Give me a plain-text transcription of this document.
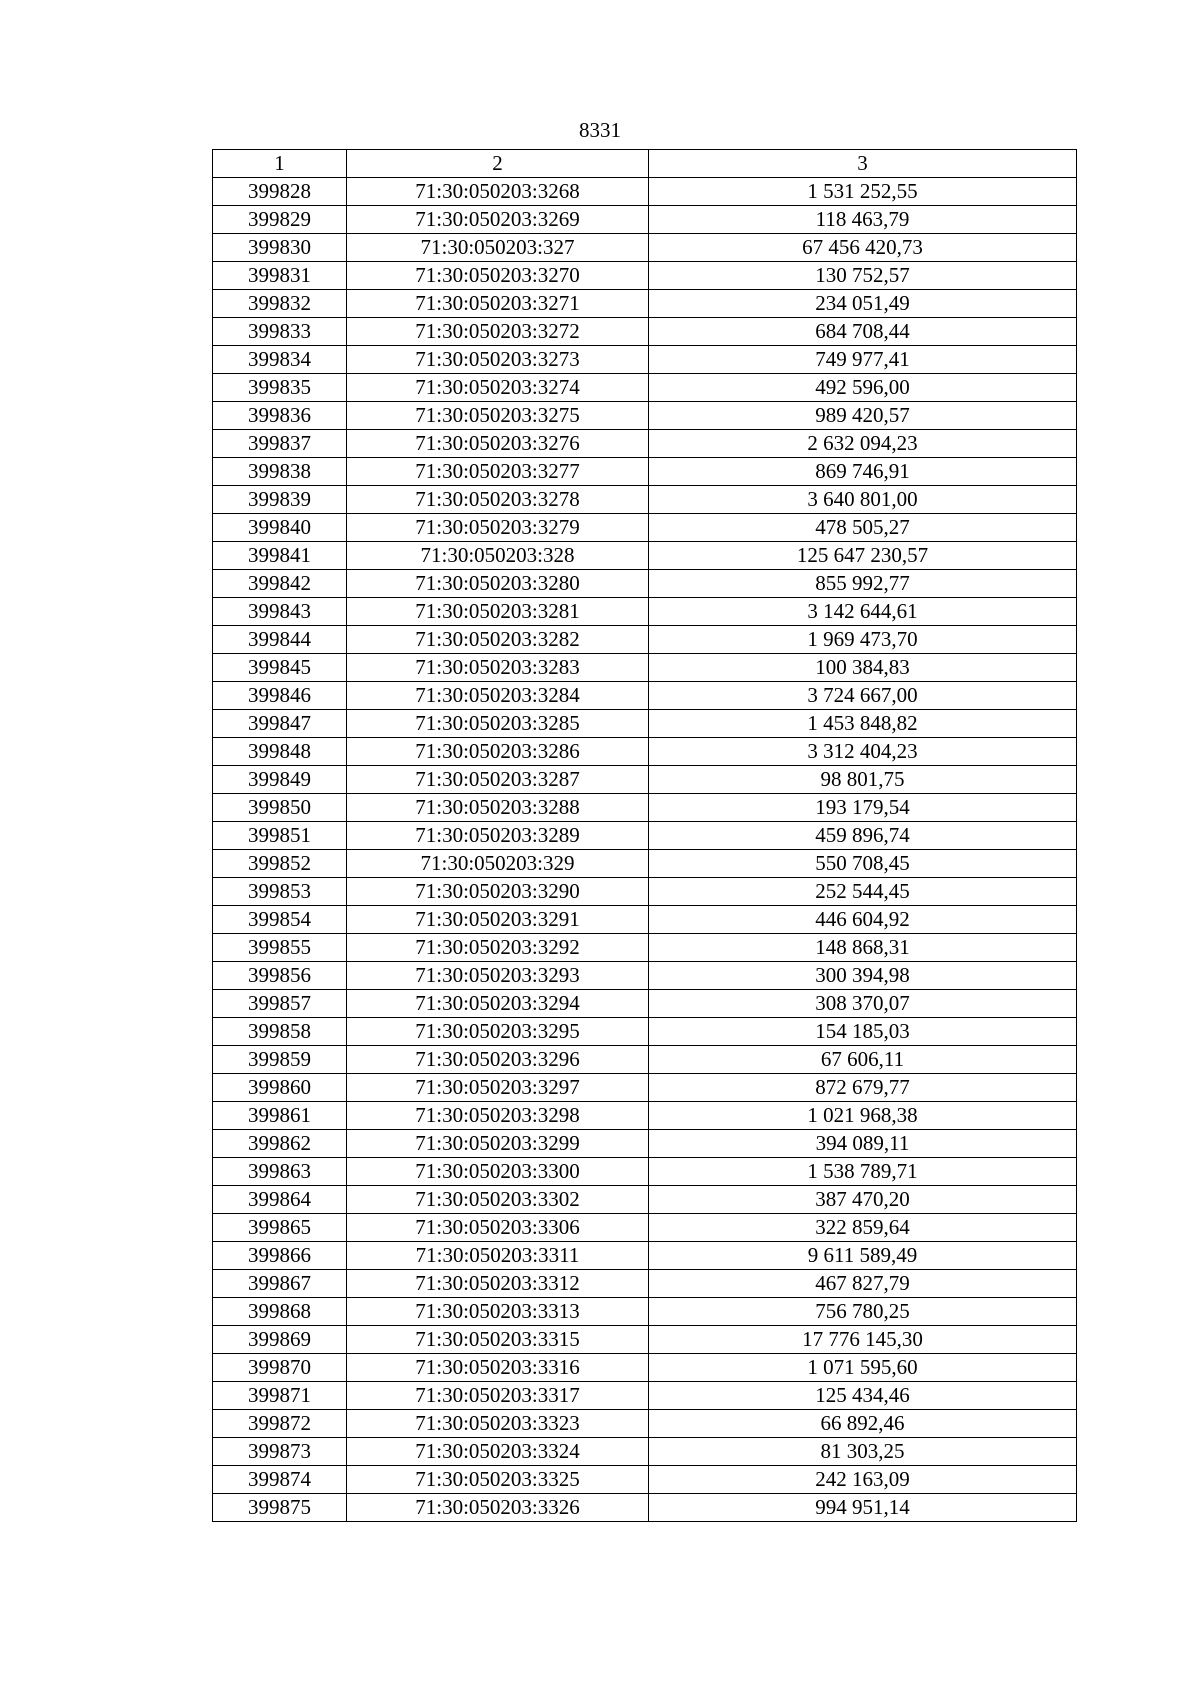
8331
1	2	3
399828	71:30:050203:3268	1 531 252,55
399829	71:30:050203:3269	118 463,79
399830	71:30:050203:327	67 456 420,73
399831	71:30:050203:3270	130 752,57
399832	71:30:050203:3271	234 051,49
399833	71:30:050203:3272	684 708,44
399834	71:30:050203:3273	749 977,41
399835	71:30:050203:3274	492 596,00
399836	71:30:050203:3275	989 420,57
399837	71:30:050203:3276	2 632 094,23
399838	71:30:050203:3277	869 746,91
399839	71:30:050203:3278	3 640 801,00
399840	71:30:050203:3279	478 505,27
399841	71:30:050203:328	125 647 230,57
399842	71:30:050203:3280	855 992,77
399843	71:30:050203:3281	3 142 644,61
399844	71:30:050203:3282	1 969 473,70
399845	71:30:050203:3283	100 384,83
399846	71:30:050203:3284	3 724 667,00
399847	71:30:050203:3285	1 453 848,82
399848	71:30:050203:3286	3 312 404,23
399849	71:30:050203:3287	98 801,75
399850	71:30:050203:3288	193 179,54
399851	71:30:050203:3289	459 896,74
399852	71:30:050203:329	550 708,45
399853	71:30:050203:3290	252 544,45
399854	71:30:050203:3291	446 604,92
399855	71:30:050203:3292	148 868,31
399856	71:30:050203:3293	300 394,98
399857	71:30:050203:3294	308 370,07
399858	71:30:050203:3295	154 185,03
399859	71:30:050203:3296	67 606,11
399860	71:30:050203:3297	872 679,77
399861	71:30:050203:3298	1 021 968,38
399862	71:30:050203:3299	394 089,11
399863	71:30:050203:3300	1 538 789,71
399864	71:30:050203:3302	387 470,20
399865	71:30:050203:3306	322 859,64
399866	71:30:050203:3311	9 611 589,49
399867	71:30:050203:3312	467 827,79
399868	71:30:050203:3313	756 780,25
399869	71:30:050203:3315	17 776 145,30
399870	71:30:050203:3316	1 071 595,60
399871	71:30:050203:3317	125 434,46
399872	71:30:050203:3323	66 892,46
399873	71:30:050203:3324	81 303,25
399874	71:30:050203:3325	242 163,09
399875	71:30:050203:3326	994 951,14
